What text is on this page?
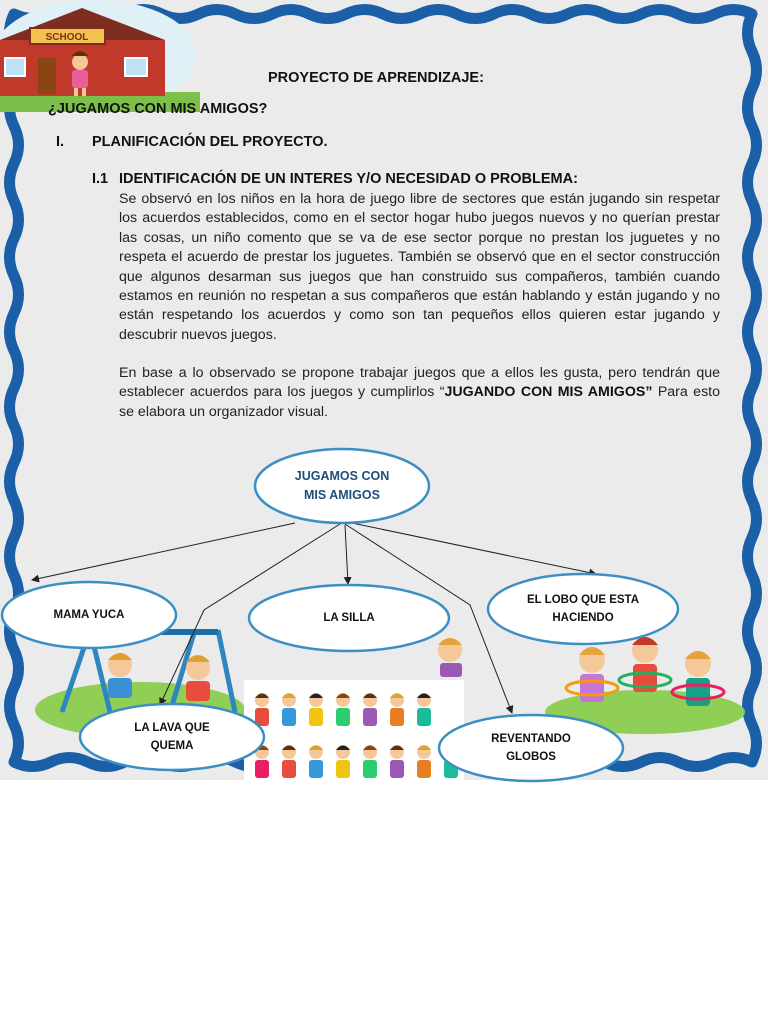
SCHOOL
PROYECTO DE APRENDIZAJE:
¿JUGAMOS CON MIS AMIGOS?
I. PLANIFICACIÓN DEL PROYECTO.
I.1 IDENTIFICACIÓN DE UN INTERES Y/O NECESIDAD O PROBLEMA:
Se observó en los niños en la hora de juego libre de sectores que están jugando sin respetar los acuerdos establecidos, como en el sector hogar hubo juegos nuevos y no querían prestar las cosas, un niño comento que se va de ese sector porque no prestan los juguetes y no respeta el acuerdo de prestar los juguetes. También se observó que en el sector construcción que algunos desarman sus juegos que han construido sus compañeros, también cuando estamos en reunión no respetan a sus compañeros que están hablando y están jugando y no están respetando los acuerdos y como son tan pequeños ellos quieren estar jugando y descubrir nuevos juegos.
En base a lo observado se propone trabajar juegos que a ellos les gusta, pero tendrán que establecer acuerdos para los juegos y cumplirlos “JUGANDO CON MIS AMIGOS” Para esto se elabora un organizador visual.
JUGAMOS CON
MIS AMIGOS
MAMA YUCA	LA SILLA
EL LOBO QUE ESTA
HACIENDO
LA LAVA QUE
QUEMA
REVENTANDO
GLOBOS
